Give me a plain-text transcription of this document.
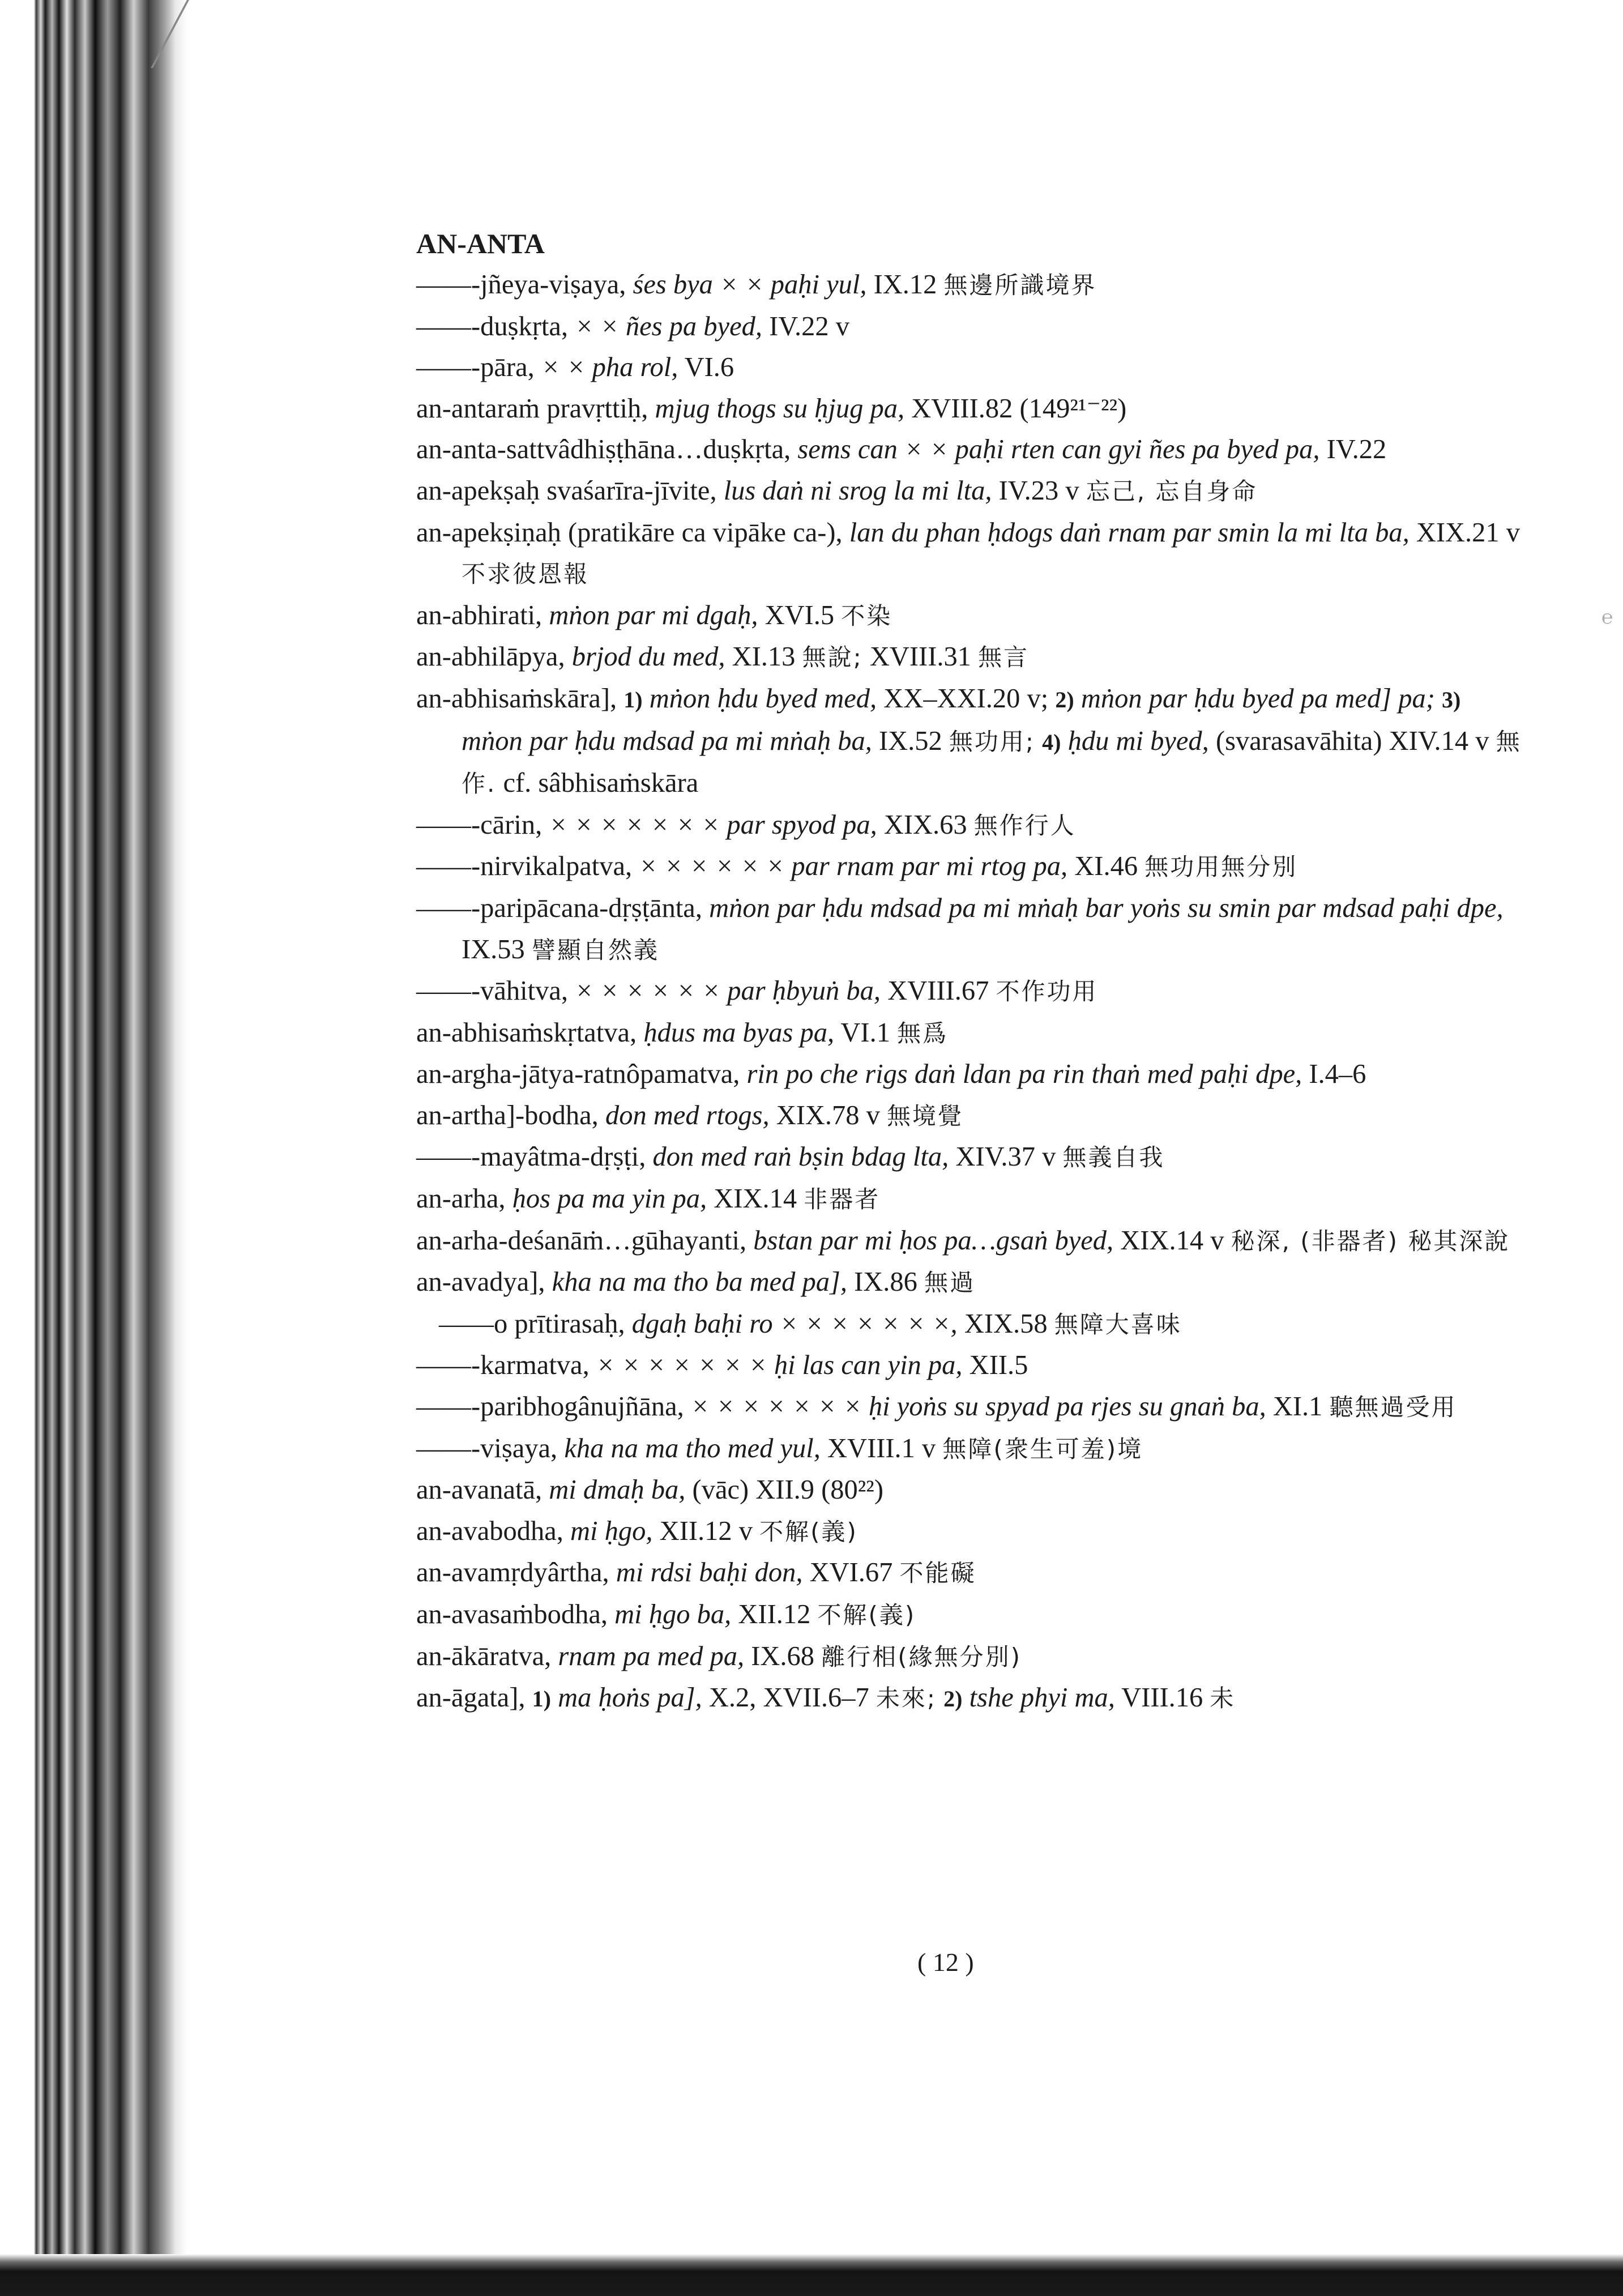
℮
AN-ANTA
——-jñeya-viṣaya, śes bya × × paḥi yul, IX.12 無邊所識境界
——-duṣkṛta, × × ñes pa byed, IV.22 v
——-pāra, × × pha rol, VI.6
an-antaraṁ pravṛttiḥ, mjug thogs su ḥjug pa, XVIII.82 (149²¹⁻²²)
an-anta-sattvâdhiṣṭhāna…duṣkṛta, sems can × × paḥi rten can gyi ñes pa byed pa, IV.22
an-apekṣaḥ svaśarīra-jīvite, lus daṅ ni srog la mi lta, IV.23 v 忘己, 忘自身命
an-apekṣiṇaḥ (pratikāre ca vipāke ca-), lan du phan ḥdogs daṅ rnam par smin la mi lta ba, XIX.21 v 不求彼恩報
an-abhirati, mṅon par mi dgaḥ, XVI.5 不染
an-abhilāpya, brjod du med, XI.13 無說; XVIII.31 無言
an-abhisaṁskāra], 1) mṅon ḥdu byed med, XX–XXI.20 v; 2) mṅon par ḥdu byed pa med] pa; 3) mṅon par ḥdu mdsad pa mi mṅaḥ ba, IX.52 無功用; 4) ḥdu mi byed, (svarasavāhita) XIV.14 v 無作. cf. sâbhisaṁskāra
——-cārin, × × × × × × × par spyod pa, XIX.63 無作行人
——-nirvikalpatva, × × × × × × par rnam par mi rtog pa, XI.46 無功用無分別
——-paripācana-dṛṣṭānta, mṅon par ḥdu mdsad pa mi mṅaḥ bar yoṅs su smin par mdsad paḥi dpe, IX.53 譬顯自然義
——-vāhitva, × × × × × × par ḥbyuṅ ba, XVIII.67 不作功用
an-abhisaṁskṛtatva, ḥdus ma byas pa, VI.1 無爲
an-argha-jātya-ratnôpamatva, rin po che rigs daṅ ldan pa rin thaṅ med paḥi dpe, I.4–6
an-artha]-bodha, don med rtogs, XIX.78 v 無境覺
——-mayâtma-dṛṣṭi, don med raṅ bṣin bdag lta, XIV.37 v 無義自我
an-arha, ḥos pa ma yin pa, XIX.14 非器者
an-arha-deśanāṁ…gūhayanti, bstan par mi ḥos pa…gsaṅ byed, XIX.14 v 秘深, (非器者) 秘其深說
an-avadya], kha na ma tho ba med pa], IX.86 無過
——o prītirasaḥ, dgaḥ baḥi ro × × × × × × ×, XIX.58 無障大喜味
——-karmatva, × × × × × × × ḥi las can yin pa, XII.5
——-paribhogânujñāna, × × × × × × × ḥi yoṅs su spyad pa rjes su gnaṅ ba, XI.1 聽無過受用
——-viṣaya, kha na ma tho med yul, XVIII.1 v 無障(衆生可羞)境
an-avanatā, mi dmaḥ ba, (vāc) XII.9 (80²²)
an-avabodha, mi ḥgo, XII.12 v 不解(義)
an-avamṛdyârtha, mi rdsi baḥi don, XVI.67 不能礙
an-avasaṁbodha, mi ḥgo ba, XII.12 不解(義)
an-ākāratva, rnam pa med pa, IX.68 離行相(緣無分別)
an-āgata], 1) ma ḥoṅs pa], X.2, XVII.6–7 未來; 2) tshe phyi ma, VIII.16 未
( 12 )
